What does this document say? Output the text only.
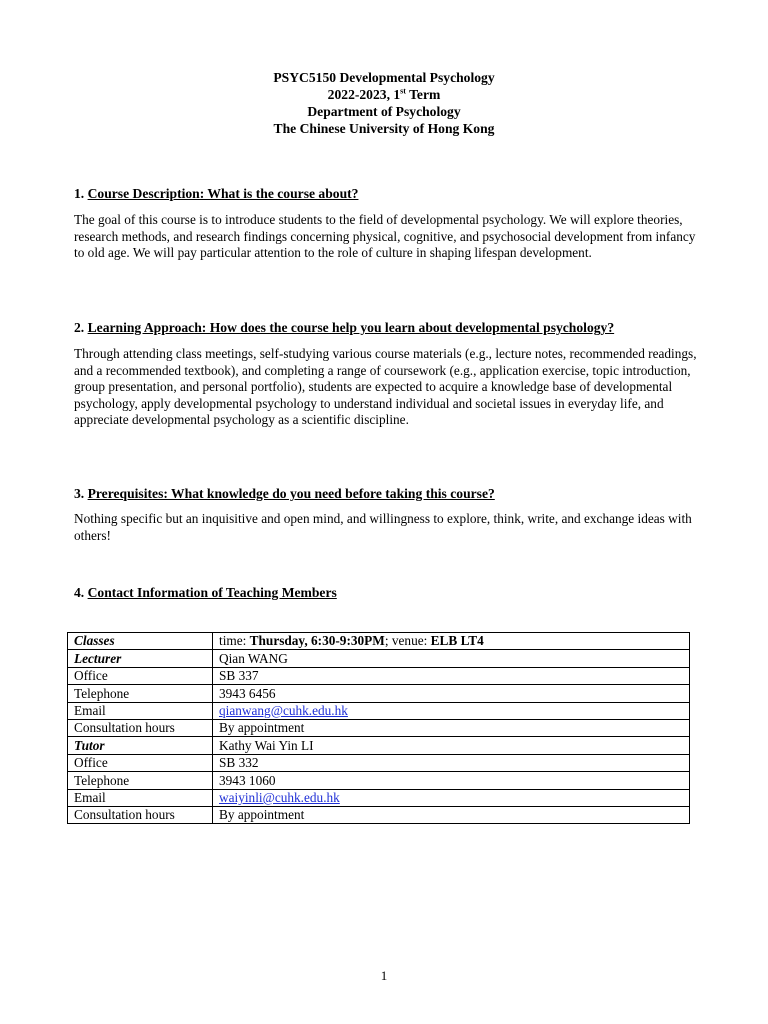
PSYC5150 Developmental Psychology
2022-2023, 1st Term
Department of Psychology
The Chinese University of Hong Kong
1. Course Description: What is the course about?

The goal of this course is to introduce students to the field of developmental psychology. We will explore theories, research methods, and research findings concerning physical, cognitive, and psychosocial development from infancy to old age. We will pay particular attention to the role of culture in shaping lifespan development.

2. Learning Approach: How does the course help you learn about developmental psychology?

Through attending class meetings, self-studying various course materials (e.g., lecture notes, recommended readings, and a recommended textbook), and completing a range of coursework (e.g., application exercise, topic introduction, group presentation, and personal portfolio), students are expected to acquire a knowledge base of developmental psychology, apply developmental psychology to understand individual and societal issues in everyday life, and appreciate developmental psychology as a scientific discipline.

3. Prerequisites: What knowledge do you need before taking this course?

Nothing specific but an inquisitive and open mind, and willingness to explore, think, write, and exchange ideas with others!

4. Contact Information of Teaching Members
Classes	time: Thursday, 6:30-9:30PM; venue: ELB LT4
Lecturer	Qian WANG
Office	SB 337
Telephone	3943 6456
Email	qianwang@cuhk.edu.hk
Consultation hours	By appointment
Tutor	Kathy Wai Yin LI
Office	SB 332
Telephone	3943 1060
Email	waiyinli@cuhk.edu.hk
Consultation hours	By appointment
1
